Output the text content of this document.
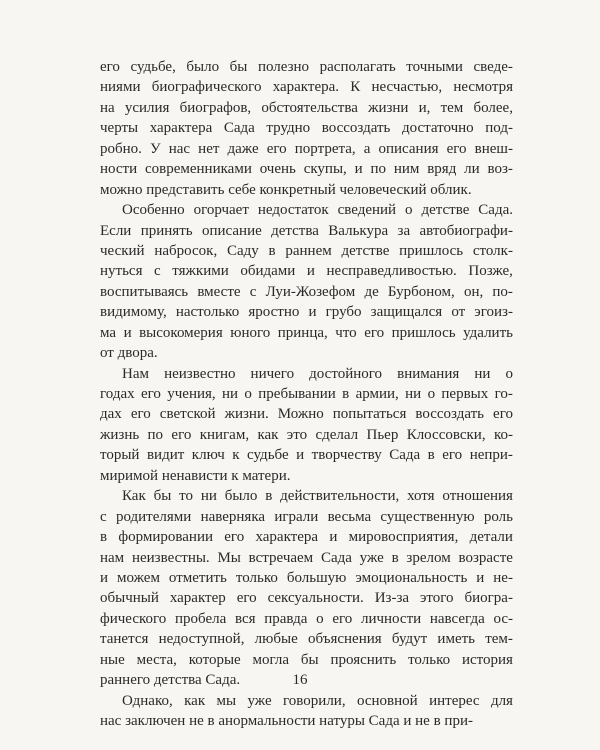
его судьбе, было бы полезно располагать точными сведе-
ниями биографического характера. К несчастью, несмотря
на усилия биографов, обстоятельства жизни и, тем более,
черты характера Сада трудно воссоздать достаточно под-
робно. У нас нет даже его портрета, а описания его внеш-
ности современниками очень скупы, и по ним вряд ли воз-
можно представить себе конкретный человеческий облик.
Особенно огорчает недостаток сведений о детстве Сада.
Если принять описание детства Валькура за автобиографи-
ческий набросок, Саду в раннем детстве пришлось столк-
нуться с тяжкими обидами и несправедливостью. Позже,
воспитываясь вместе с Луи-Жозефом де Бурбоном, он, по-
видимому, настолько яростно и грубо защищался от эгоиз-
ма и высокомерия юного принца, что его пришлось удалить
от двора.
Нам неизвестно ничего достойного внимания ни о
годах его учения, ни о пребывании в армии, ни о первых го-
дах его светской жизни. Можно попытаться воссоздать его
жизнь по его книгам, как это сделал Пьер Клоссовски, ко-
торый видит ключ к судьбе и творчеству Сада в его непри-
миримой ненависти к матери.
Как бы то ни было в действительности, хотя отношения
с родителями наверняка играли весьма существенную роль
в формировании его характера и мировосприятия, детали
нам неизвестны. Мы встречаем Сада уже в зрелом возрасте
и можем отметить только большую эмоциональность и не-
обычный характер его сексуальности. Из-за этого биогра-
фического пробела вся правда о его личности навсегда ос-
танется недоступной, любые объяснения будут иметь тем-
ные места, которые могла бы прояснить только история
раннего детства Сада.
Однако, как мы уже говорили, основной интерес для
нас заключен не в анормальности натуры Сада и не в при-
16
